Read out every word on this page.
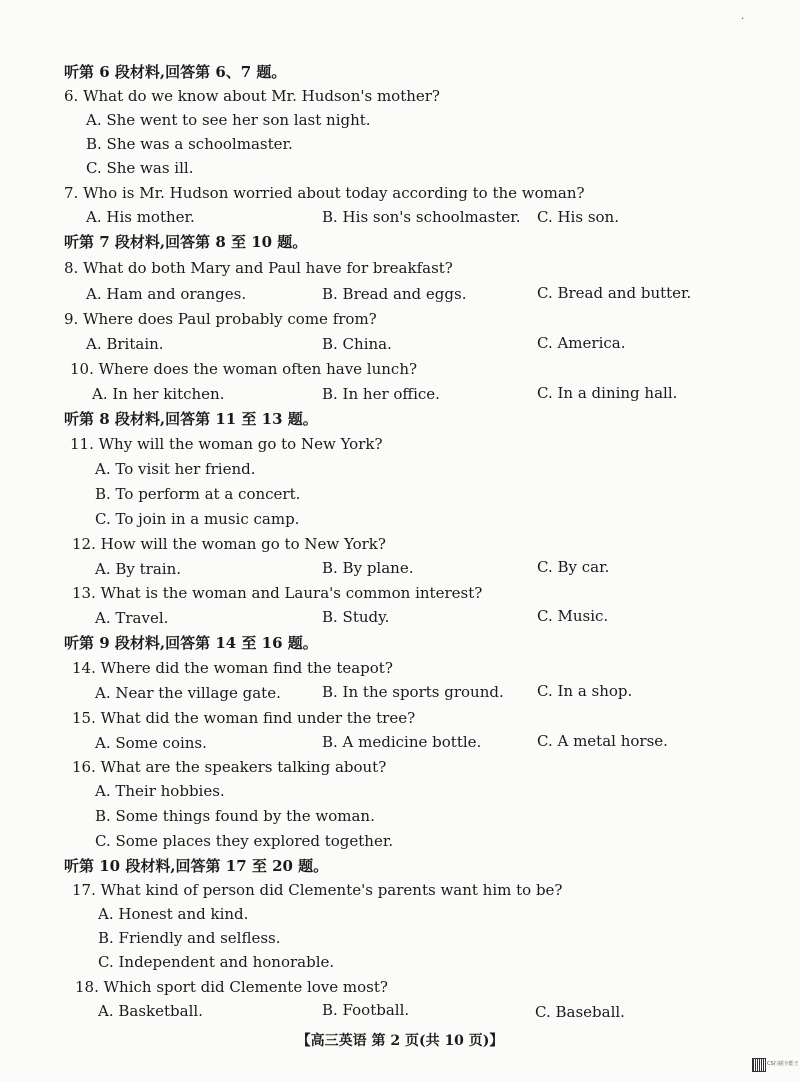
听第 6 段材料,回答第 6、7 题。
6. What do we know about Mr. Hudson's mother?
A. She went to see her son last night.
B. She was a schoolmaster.
C. She was ill.
7. Who is Mr. Hudson worried about today according to the woman?
A. His mother.	B. His son's schoolmaster. C. His son.
听第 7 段材料,回答第 8 至 10 题。
8. What do both Mary and Paul have for breakfast?
A. Ham and oranges.	B. Bread and eggs.	C. Bread and butter.
9. Where does Paul probably come from?
A. Britain.	B. China.	C. America.
10. Where does the woman often have lunch?
A. In her kitchen.	B. In her office.	C. In a dining hall.
听第 8 段材料,回答第 11 至 13 题。
11. Why will the woman go to New York?
A. To visit her friend.
B. To perform at a concert.
C. To join in a music camp.
12. How will the woman go to New York?
A. By train.	B. By plane.	C. By car.
13. What is the woman and Laura's common interest?
A. Travel.	B. Study.	C. Music.
听第 9 段材料,回答第 14 至 16 题。
14. Where did the woman find the teapot?
A. Near the village gate.	B. In the sports ground. C. In a shop.
15. What did the woman find under the tree?
A. Some coins.	B. A medicine bottle.	C. A metal horse.
16. What are the speakers talking about?
A. Their hobbies.
B. Some things found by the woman.
C. Some places they explored together.
听第 10 段材料,回答第 17 至 20 题。
17. What kind of person did Clemente's parents want him to be?
A. Honest and kind.
B. Friendly and selfless.
C. Independent and honorable.
18. Which sport did Clemente love most?
A. Basketball.	B. Football.	C. Baseball.
【高三英语 第 2 页(共 10 页)】
·
CS扫描全能王
